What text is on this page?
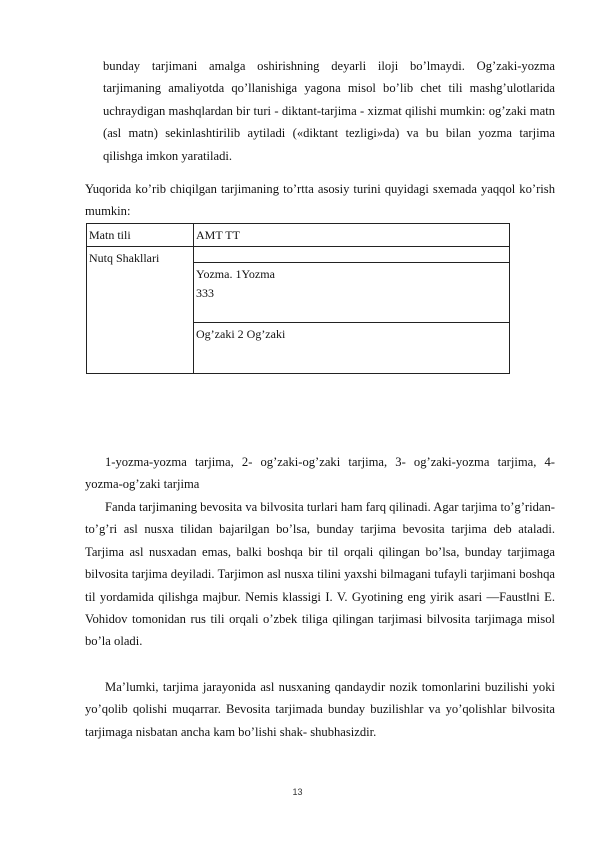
bunday tarjimani amalga oshirishning deyarli iloji bo’lmaydi. Og’zaki-yozma tarjimaning amaliyotda qo’llanishiga yagona misol bo’lib chet tili mashg’ulotlarida uchraydigan mashqlardan bir turi - diktant-tarjima - xizmat qilishi mumkin: og’zaki matn (asl matn) sekinlashtirilib aytiladi («diktant tezligi»da) va bu bilan yozma tarjima qilishga imkon yaratiladi.

Yuqorida ko’rib chiqilgan tarjimaning to’rtta asosiy turini quyidagi sxemada yaqqol ko’rish mumkin:

Matn tili	AMT TT
Nutq Shakllari	

	Yozma. 1Yozma
333

	Og’zaki 2 Og’zaki

1-yozma-yozma tarjima, 2- og’zaki-og’zaki tarjima, 3- og’zaki-yozma tarjima, 4- yozma-og’zaki tarjima

Fanda tarjimaning bevosita va bilvosita turlari ham farq qilinadi. Agar tarjima to’g’ridan-to’g’ri asl nusxa tilidan bajarilgan bo’lsa, bunday tarjima bevosita tarjima deb ataladi. Tarjima asl nusxadan emas, balki boshqa bir til orqali qilingan bo’lsa, bunday tarjimaga bilvosita tarjima deyiladi. Tarjimon asl nusxa tilini yaxshi bilmagani tufayli tarjimani boshqa til yordamida qilishga majbur. Nemis klassigi I. V. Gyotining eng yirik asari ―Faust‖ni E. Vohidov tomonidan rus tili orqali o’zbek tiliga qilingan tarjimasi bilvosita tarjimaga misol bo’la oladi.

Ma’lumki, tarjima jarayonida asl nusxaning qandaydir nozik tomonlarini buzilishi yoki yo’qolib qolishi muqarrar. Bevosita tarjimada bunday buzilishlar va yo’qolishlar bilvosita tarjimaga nisbatan ancha kam bo’lishi shak- shubhasizdir.

13
